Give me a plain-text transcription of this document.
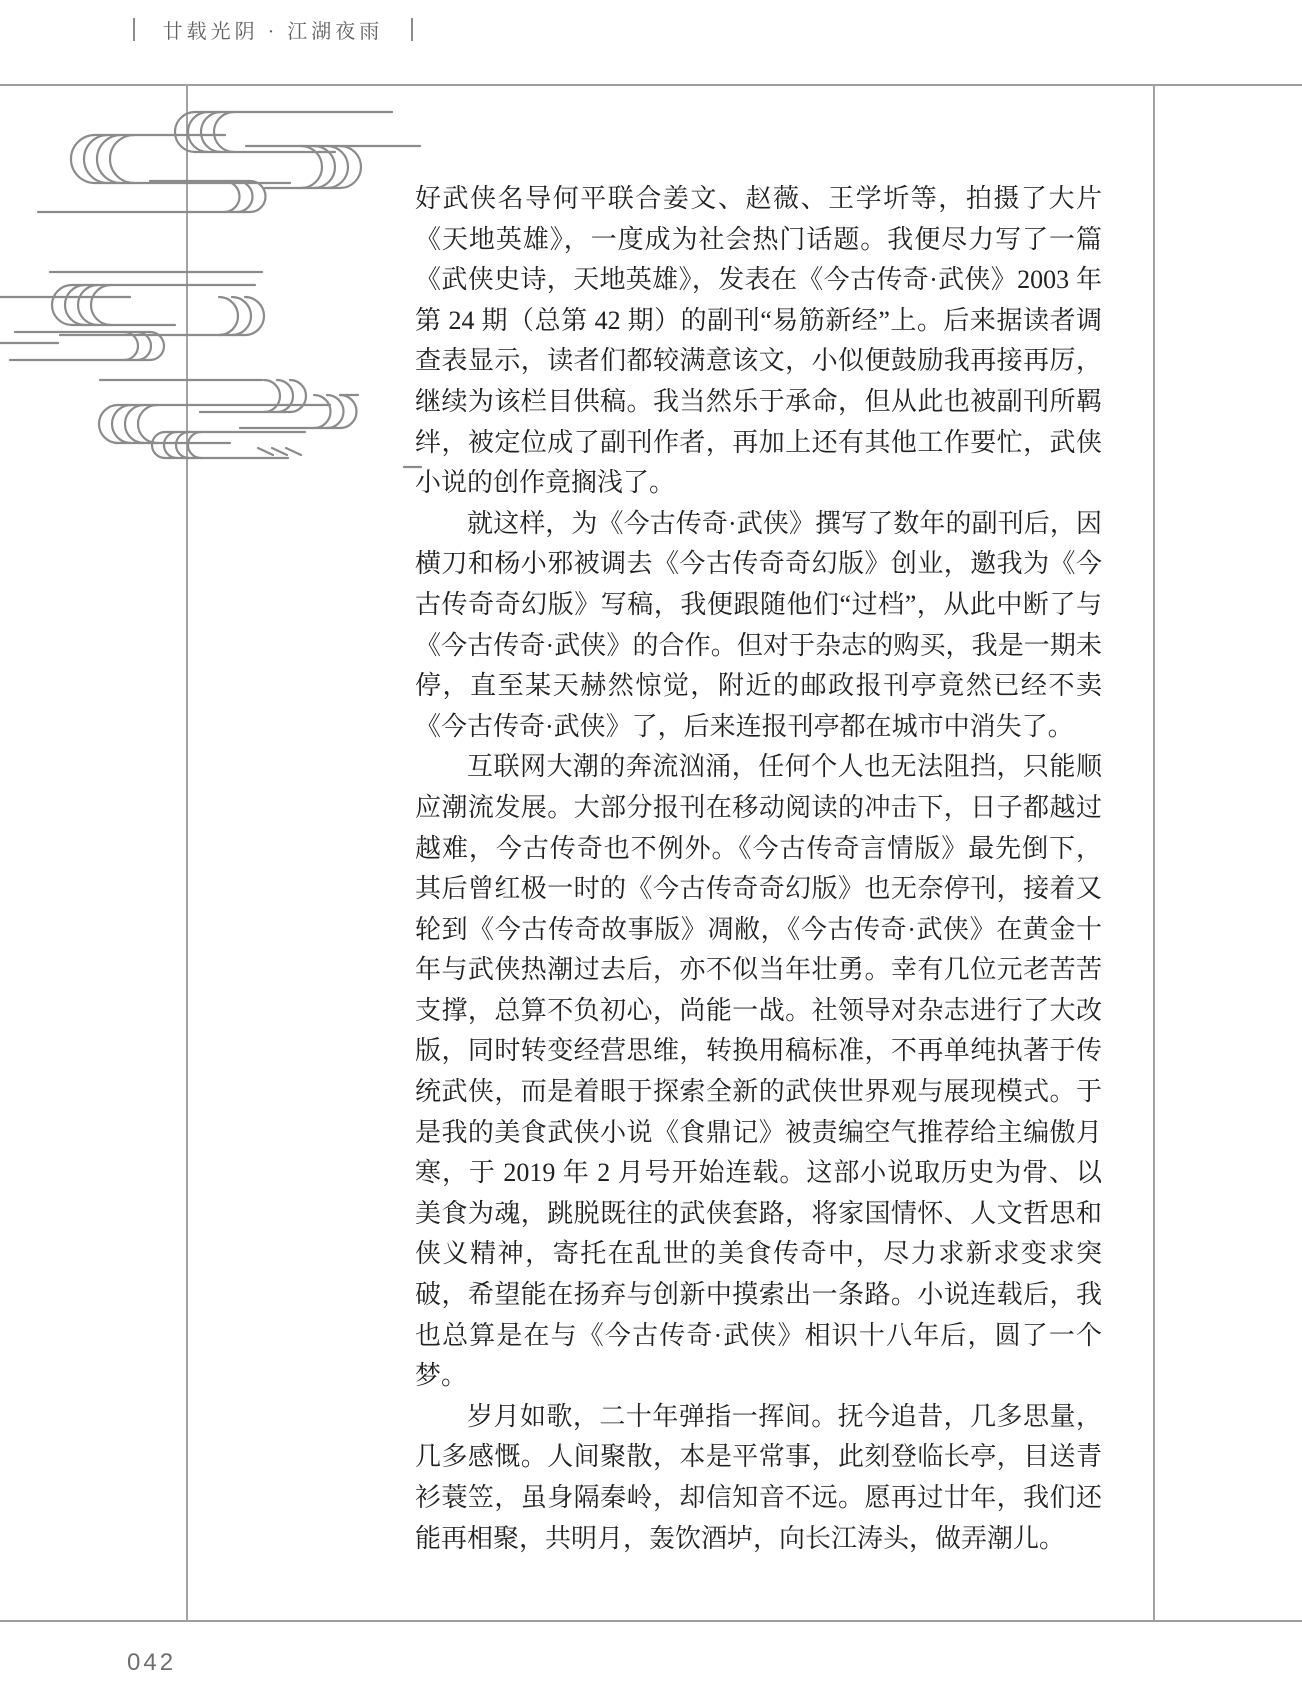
廿载光阴 · 江湖夜雨

好武侠名导何平联合姜文、赵薇、王学圻等，拍摄了大片《天地英雄》，一度成为社会热门话题。我便尽力写了一篇《武侠史诗，天地英雄》，发表在《今古传奇·武侠》2003 年第 24 期（总第 42 期）的副刊“易筋新经”上。后来据读者调查表显示，读者们都较满意该文，小似便鼓励我再接再厉，继续为该栏目供稿。我当然乐于承命，但从此也被副刊所羁绊，被定位成了副刊作者，再加上还有其他工作要忙，武侠小说的创作竟搁浅了。

就这样，为《今古传奇·武侠》撰写了数年的副刊后，因横刀和杨小邪被调去《今古传奇奇幻版》创业，邀我为《今古传奇奇幻版》写稿，我便跟随他们“过档”，从此中断了与《今古传奇·武侠》的合作。但对于杂志的购买，我是一期未停，直至某天赫然惊觉，附近的邮政报刊亭竟然已经不卖《今古传奇·武侠》了，后来连报刊亭都在城市中消失了。

互联网大潮的奔流汹涌，任何个人也无法阻挡，只能顺应潮流发展。大部分报刊在移动阅读的冲击下，日子都越过越难，今古传奇也不例外。《今古传奇言情版》最先倒下，其后曾红极一时的《今古传奇奇幻版》也无奈停刊，接着又轮到《今古传奇故事版》凋敝，《今古传奇·武侠》在黄金十年与武侠热潮过去后，亦不似当年壮勇。幸有几位元老苦苦支撑，总算不负初心，尚能一战。社领导对杂志进行了大改版，同时转变经营思维，转换用稿标准，不再单纯执著于传统武侠，而是着眼于探索全新的武侠世界观与展现模式。于是我的美食武侠小说《食鼎记》被责编空气推荐给主编傲月寒，于 2019 年 2 月号开始连载。这部小说取历史为骨、以美食为魂，跳脱既往的武侠套路，将家国情怀、人文哲思和侠义精神，寄托在乱世的美食传奇中，尽力求新求变求突破，希望能在扬弃与创新中摸索出一条路。小说连载后，我也总算是在与《今古传奇·武侠》相识十八年后，圆了一个梦。

岁月如歌，二十年弹指一挥间。抚今追昔，几多思量，几多感慨。人间聚散，本是平常事，此刻登临长亭，目送青衫蓑笠，虽身隔秦岭，却信知音不远。愿再过廿年，我们还能再相聚，共明月，轰饮酒垆，向长江涛头，做弄潮儿。

042
